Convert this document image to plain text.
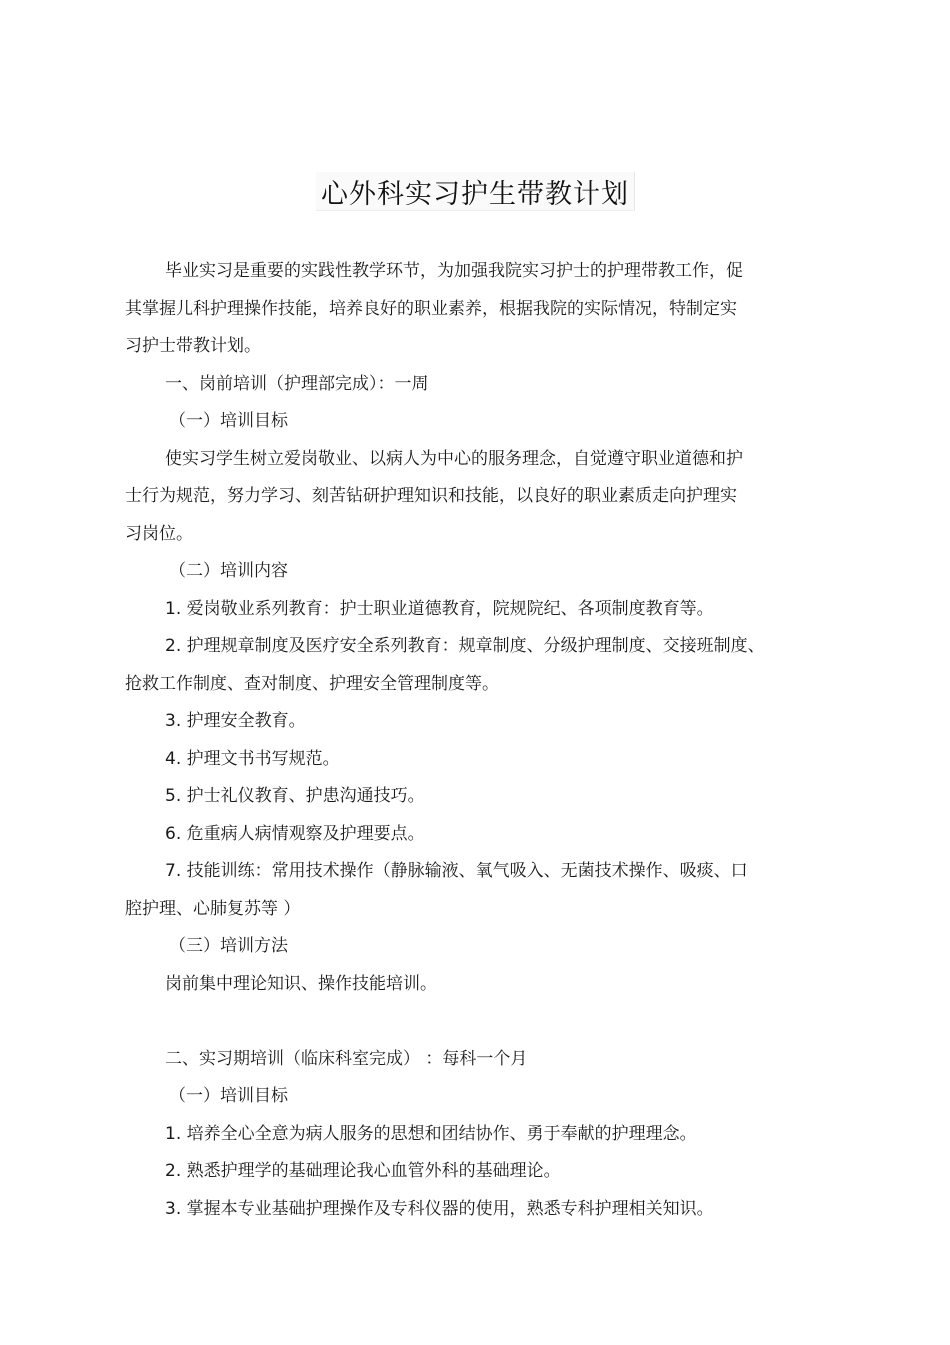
心外科实习护生带教计划
毕业实习是重要的实践性教学环节，为加强我院实习护士的护理带教工作，促
其掌握儿科护理操作技能，培养良好的职业素养，根据我院的实际情况，特制定实
习护士带教计划。
一、岗前培训（护理部完成）：一周
（一）培训目标
使实习学生树立爱岗敬业、以病人为中心的服务理念，自觉遵守职业道德和护
士行为规范，努力学习、刻苦钻研护理知识和技能，以良好的职业素质走向护理实
习岗位。
（二）培训内容
1. 爱岗敬业系列教育：护士职业道德教育，院规院纪、各项制度教育等。
2. 护理规章制度及医疗安全系列教育：规章制度、分级护理制度、交接班制度、
抢救工作制度、查对制度、护理安全管理制度等。
3. 护理安全教育。
4. 护理文书书写规范。
5. 护士礼仪教育、护患沟通技巧。
6. 危重病人病情观察及护理要点。
7. 技能训练：常用技术操作（静脉输液、氧气吸入、无菌技术操作、吸痰、口
腔护理、心肺复苏等 ）
（三）培训方法
岗前集中理论知识、操作技能培训。
二、实习期培训（临床科室完成） ：每科一个月
（一）培训目标
1. 培养全心全意为病人服务的思想和团结协作、勇于奉献的护理理念。
2. 熟悉护理学的基础理论我心血管外科的基础理论。
3. 掌握本专业基础护理操作及专科仪器的使用，熟悉专科护理相关知识。
